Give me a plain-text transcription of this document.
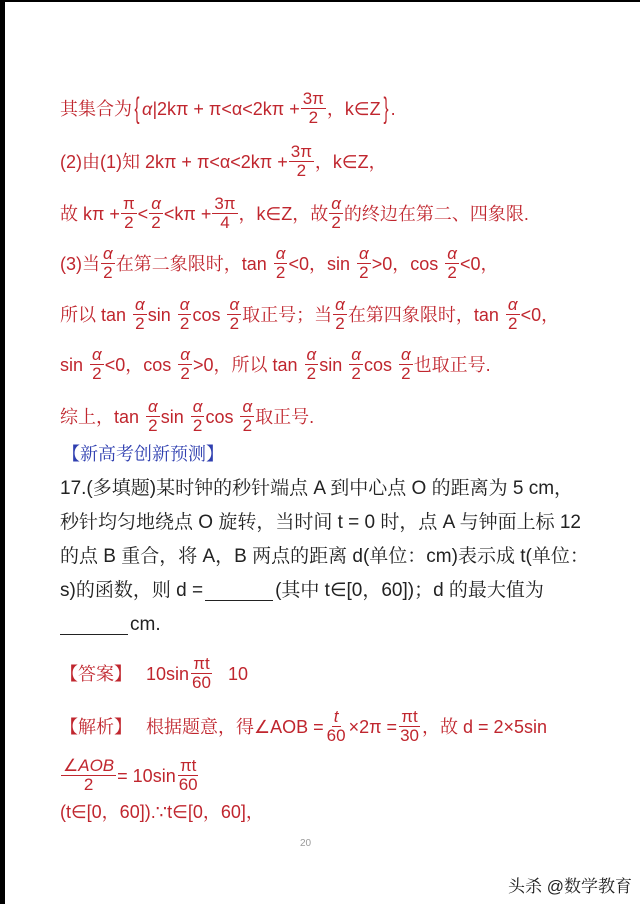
其集合为 { α| $2k\pi + \pi<\alpha<2k\pi + \frac{3\pi}{2}$ ，k∈Z } .
(2)由(1)知 $2k\pi + \pi<\alpha<2k\pi + \frac{3\pi}{2}$ ，k∈Z，
故 $k\pi + \frac{\pi}{2} < \frac{\alpha}{2} <k\pi + \frac{3\pi}{4}$ ，k∈Z，故 $\frac{\alpha}{2}$ 的终边在第二、四象限.
(3)当 $\frac{\alpha}{2}$ 在第二象限时，$\tan \frac{\alpha}{2} <0$，$\sin \frac{\alpha}{2} >0$，$\cos \frac{\alpha}{2} <0$，
所以 $\tan \frac{\alpha}{2}$ $\sin \frac{\alpha}{2}$ $\cos \frac{\alpha}{2}$ 取正号；当 $\frac{\alpha}{2}$ 在第四象限时，$\tan \frac{\alpha}{2} <0$，
$\sin \frac{\alpha}{2} <0$，$\cos \frac{\alpha}{2} >0$，所以 $\tan \frac{\alpha}{2}$ $\sin \frac{\alpha}{2}$ $\cos \frac{\alpha}{2}$ 也取正号.
综上，$\tan \frac{\alpha}{2}$ $\sin \frac{\alpha}{2}$ $\cos \frac{\alpha}{2}$ 取正号.
【新高考创新预测】
17.(多填题)某时钟的秒针端点 A 到中心点 O 的距离为 5 cm，
秒针均匀地绕点 O 旋转，当时间 t = 0 时，点 A 与钟面上标 12
的点 B 重合，将 A，B 两点的距离 d(单位：cm)表示成 t(单位：
s)的函数，则 d =	(其中 t∈[0，60])；d 的最大值为
cm.
【答案】 $10\sin \frac{\pi t}{60} 10$
【解析】 根据题意，得∠AOB = $\frac{t}{60} \times 2\pi = \frac{\pi t}{30}$ ，故 d = 2×5sin
$\frac{\text{∠AOB}}{2} = 10\sin \frac{\pi t}{60}$
(t∈[0，60]).∵t∈[0，60]，
20
头杀 @数学教育
